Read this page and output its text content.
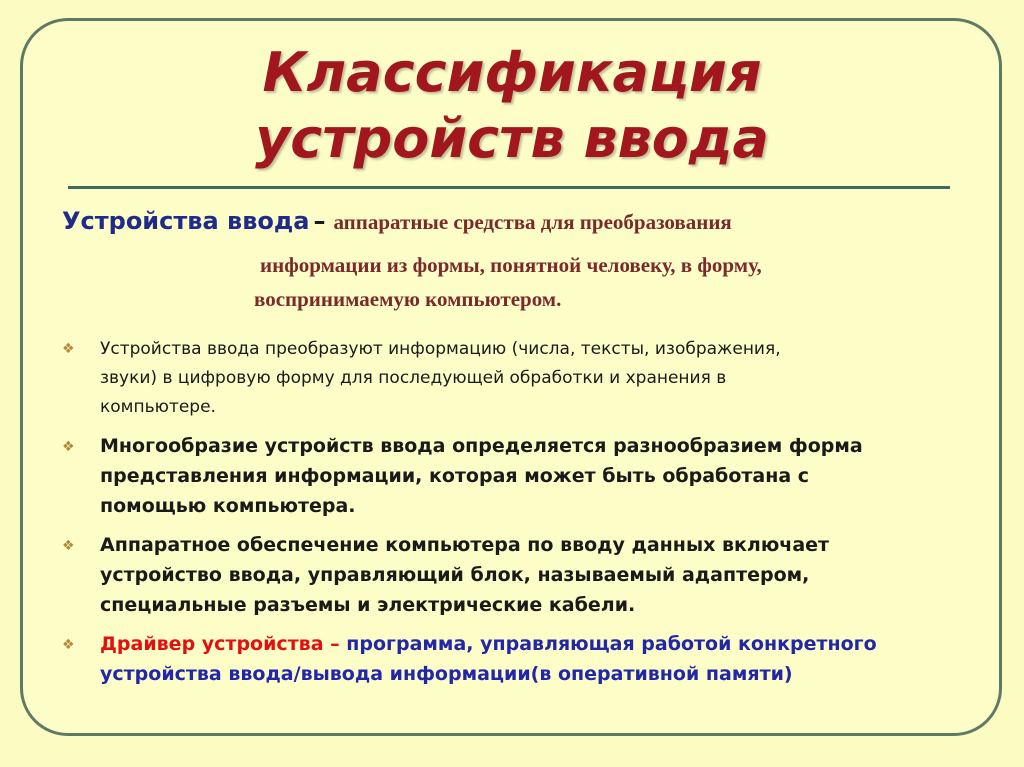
Классификация
устройств ввода
Устройства ввода – аппаратные средства для преобразования
информации из формы, понятной человеку, в форму,
воспринимаемую компьютером.
❖	Устройства ввода преобразуют информацию (числа, тексты, изображения,
звуки) в цифровую форму для последующей обработки и хранения в
компьютере.
❖	Многообразие устройств ввода определяется разнообразием форма
представления информации, которая может быть обработана с
помощью компьютера.
❖	Аппаратное обеспечение компьютера по вводу данных включает
устройство ввода, управляющий блок, называемый адаптером,
специальные разъемы и электрические кабели.
❖	Драйвер устройства – программа, управляющая работой конкретного
устройства ввода/вывода информации(в оперативной памяти)
